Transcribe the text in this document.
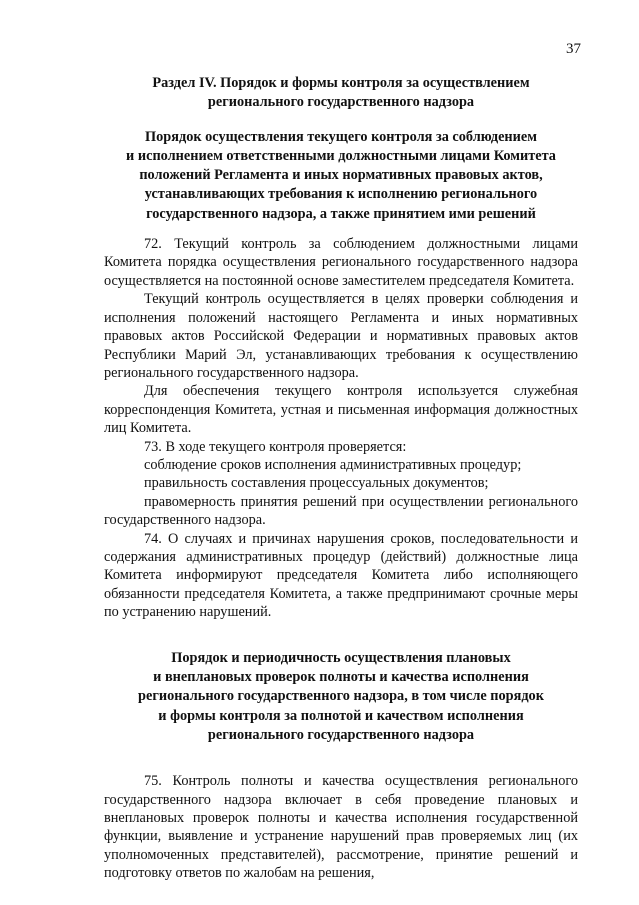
37

Раздел IV. Порядок и формы контроля за осуществлением
регионального государственного надзора

Порядок осуществления текущего контроля за соблюдением
и исполнением ответственными должностными лицами Комитета
положений Регламента и иных нормативных правовых актов,
устанавливающих требования к исполнению регионального
государственного надзора, а также принятием ими решений

72. Текущий контроль за соблюдением должностными лицами Комитета порядка осуществления регионального государственного надзора осуществляется на постоянной основе заместителем председателя Комитета.

Текущий контроль осуществляется в целях проверки соблюдения и исполнения положений настоящего Регламента и иных нормативных правовых актов Российской Федерации и нормативных правовых актов Республики Марий Эл, устанавливающих требования к осуществлению регионального государственного надзора.

Для обеспечения текущего контроля используется служебная корреспонденция Комитета, устная и письменная информация должностных лиц Комитета.

73. В ходе текущего контроля проверяется:

соблюдение сроков исполнения административных процедур;

правильность составления процессуальных документов;

правомерность принятия решений при осуществлении регионального государственного надзора.

74. О случаях и причинах нарушения сроков, последовательности и содержания административных процедур (действий) должностные лица Комитета информируют председателя Комитета либо исполняющего обязанности председателя Комитета, а также предпринимают срочные меры по устранению нарушений.

Порядок и периодичность осуществления плановых
и внеплановых проверок полноты и качества исполнения
регионального государственного надзора, в том числе порядок
и формы контроля за полнотой и качеством исполнения
регионального государственного надзора

75. Контроль полноты и качества осуществления регионального государственного надзора включает в себя проведение плановых и внеплановых проверок полноты и качества исполнения государственной функции, выявление и устранение нарушений прав проверяемых лиц (их уполномоченных представителей), рассмотрение, принятие решений и подготовку ответов по жалобам на решения,
